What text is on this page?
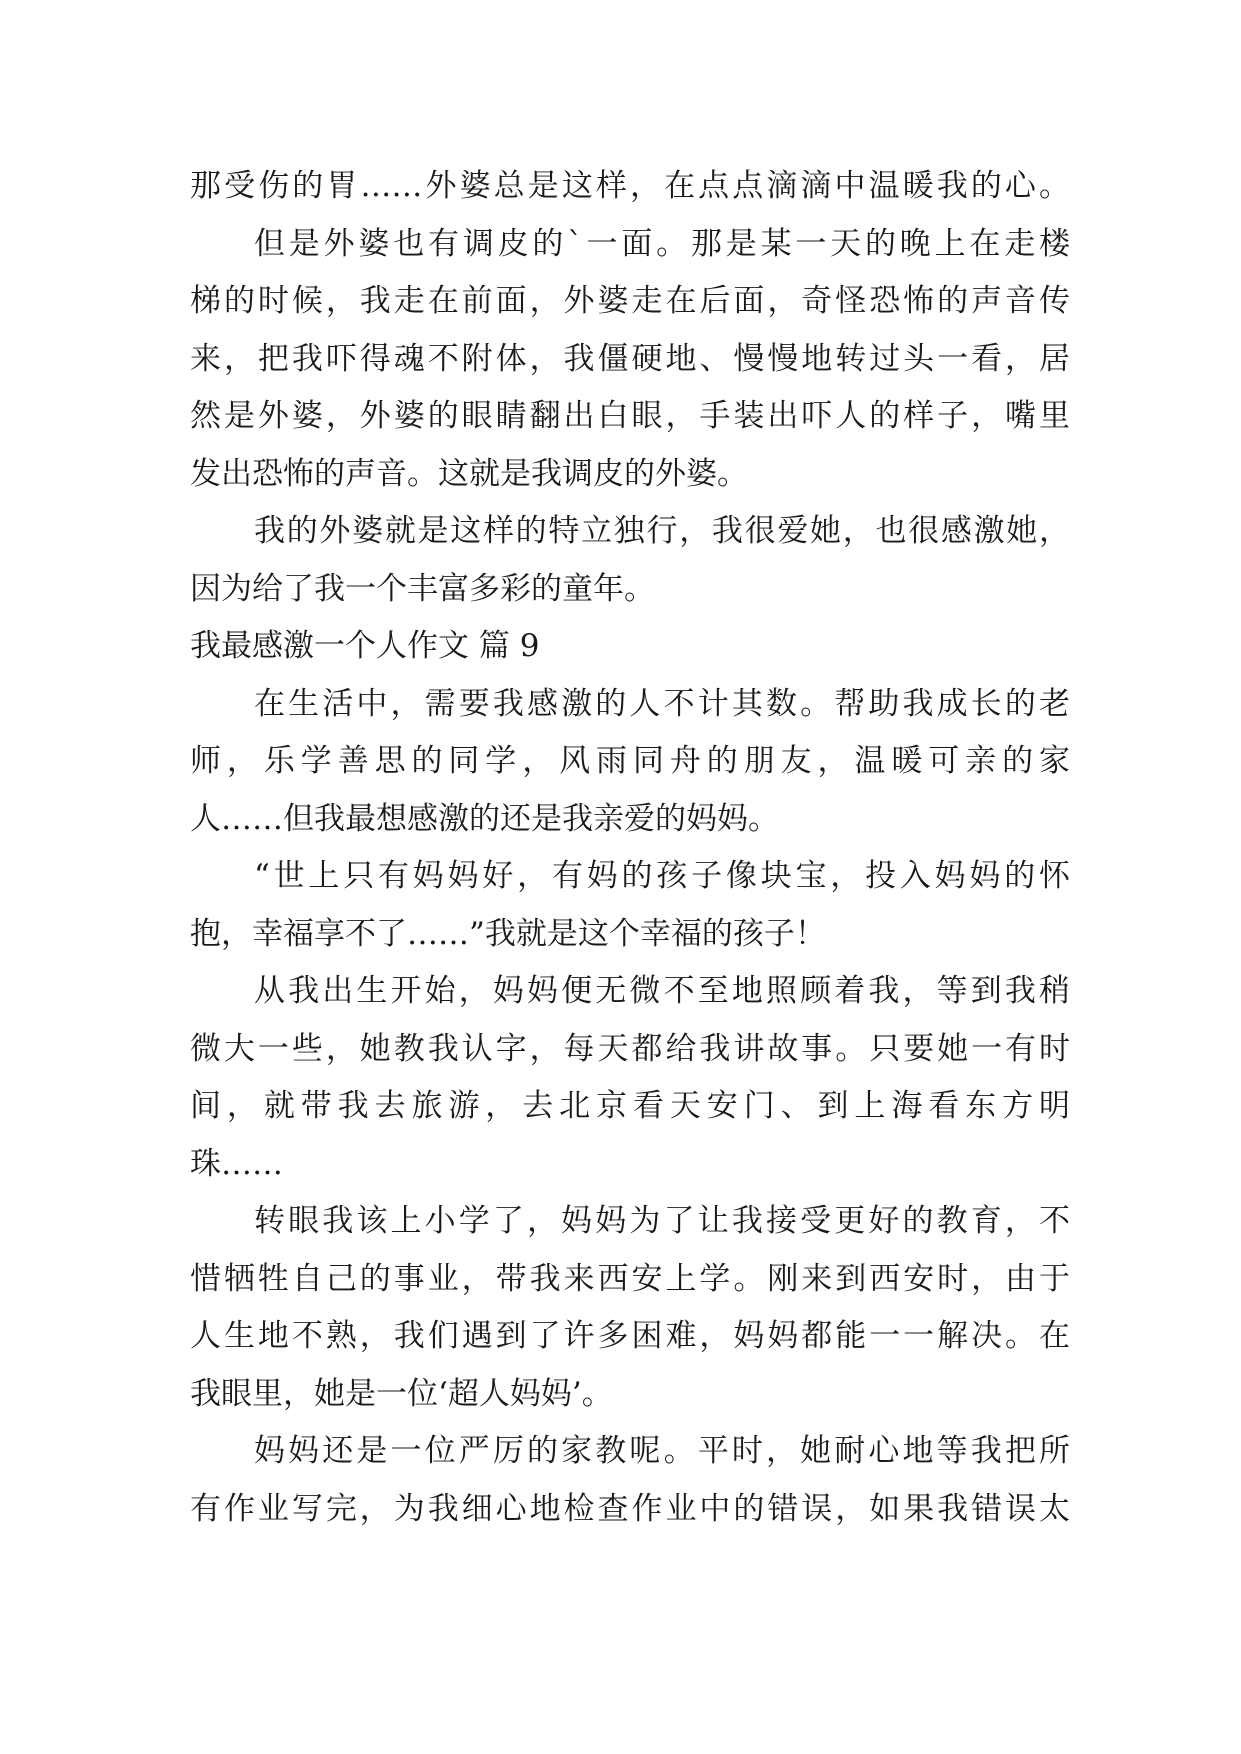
那受伤的胃……外婆总是这样，在点点滴滴中温暖我的心。
但是外婆也有调皮的`一面。那是某一天的晚上在走楼
梯的时候，我走在前面，外婆走在后面，奇怪恐怖的声音传
来，把我吓得魂不附体，我僵硬地、慢慢地转过头一看，居
然是外婆，外婆的眼睛翻出白眼，手装出吓人的样子，嘴里
发出恐怖的声音。这就是我调皮的外婆。
我的外婆就是这样的特立独行，我很爱她，也很感激她，
因为给了我一个丰富多彩的童年。
我最感激一个人作文 篇 9
在生活中，需要我感激的人不计其数。帮助我成长的老
师，乐学善思的同学，风雨同舟的朋友，温暖可亲的家
人……但我最想感激的还是我亲爱的妈妈。
“世上只有妈妈好，有妈的孩子像块宝，投入妈妈的怀
抱，幸福享不了……”我就是这个幸福的孩子！
从我出生开始，妈妈便无微不至地照顾着我，等到我稍
微大一些，她教我认字，每天都给我讲故事。只要她一有时
间，就带我去旅游，去北京看天安门、到上海看东方明
珠……
转眼我该上小学了，妈妈为了让我接受更好的教育，不
惜牺牲自己的事业，带我来西安上学。刚来到西安时，由于
人生地不熟，我们遇到了许多困难，妈妈都能一一解决。在
我眼里，她是一位‘超人妈妈’。
妈妈还是一位严厉的家教呢。平时，她耐心地等我把所
有作业写完，为我细心地检查作业中的错误，如果我错误太
